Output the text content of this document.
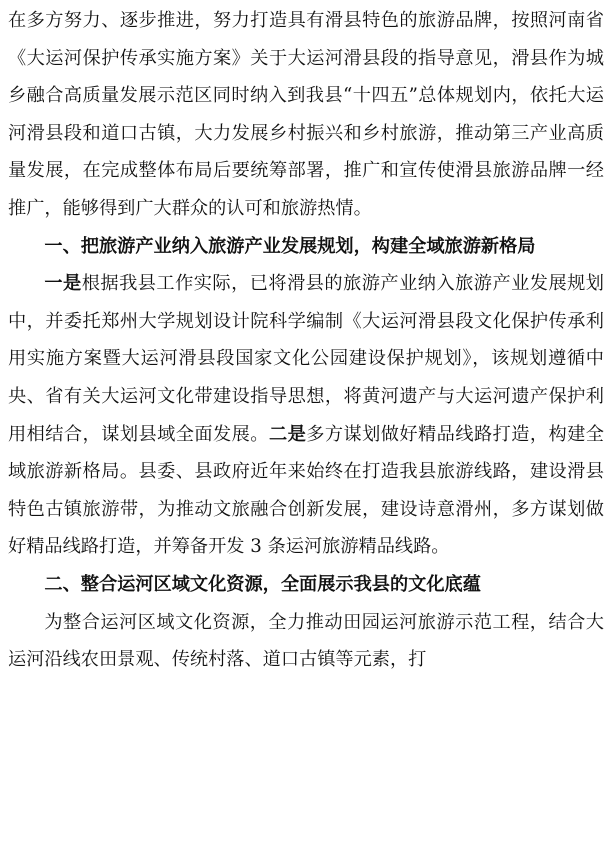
在多方努力、逐步推进，努力打造具有滑县特色的旅游品牌，按照河南省《大运河保护传承实施方案》关于大运河滑县段的指导意见，滑县作为城乡融合高质量发展示范区同时纳入到我县“十四五”总体规划内，依托大运河滑县段和道口古镇，大力发展乡村振兴和乡村旅游，推动第三产业高质量发展，在完成整体布局后要统筹部署，推广和宣传使滑县旅游品牌一经推广，能够得到广大群众的认可和旅游热情。

一、把旅游产业纳入旅游产业发展规划，构建全域旅游新格局

一是根据我县工作实际，已将滑县的旅游产业纳入旅游产业发展规划中，并委托郑州大学规划设计院科学编制《大运河滑县段文化保护传承利用实施方案暨大运河滑县段国家文化公园建设保护规划》，该规划遵循中央、省有关大运河文化带建设指导思想，将黄河遗产与大运河遗产保护利用相结合，谋划县域全面发展。二是多方谋划做好精品线路打造，构建全域旅游新格局。县委、县政府近年来始终在打造我县旅游线路，建设滑县特色古镇旅游带，为推动文旅融合创新发展，建设诗意滑州，多方谋划做好精品线路打造，并筹备开发 3 条运河旅游精品线路。

二、整合运河区域文化资源，全面展示我县的文化底蕴

为整合运河区域文化资源，全力推动田园运河旅游示范工程，结合大运河沿线农田景观、传统村落、道口古镇等元素，打
